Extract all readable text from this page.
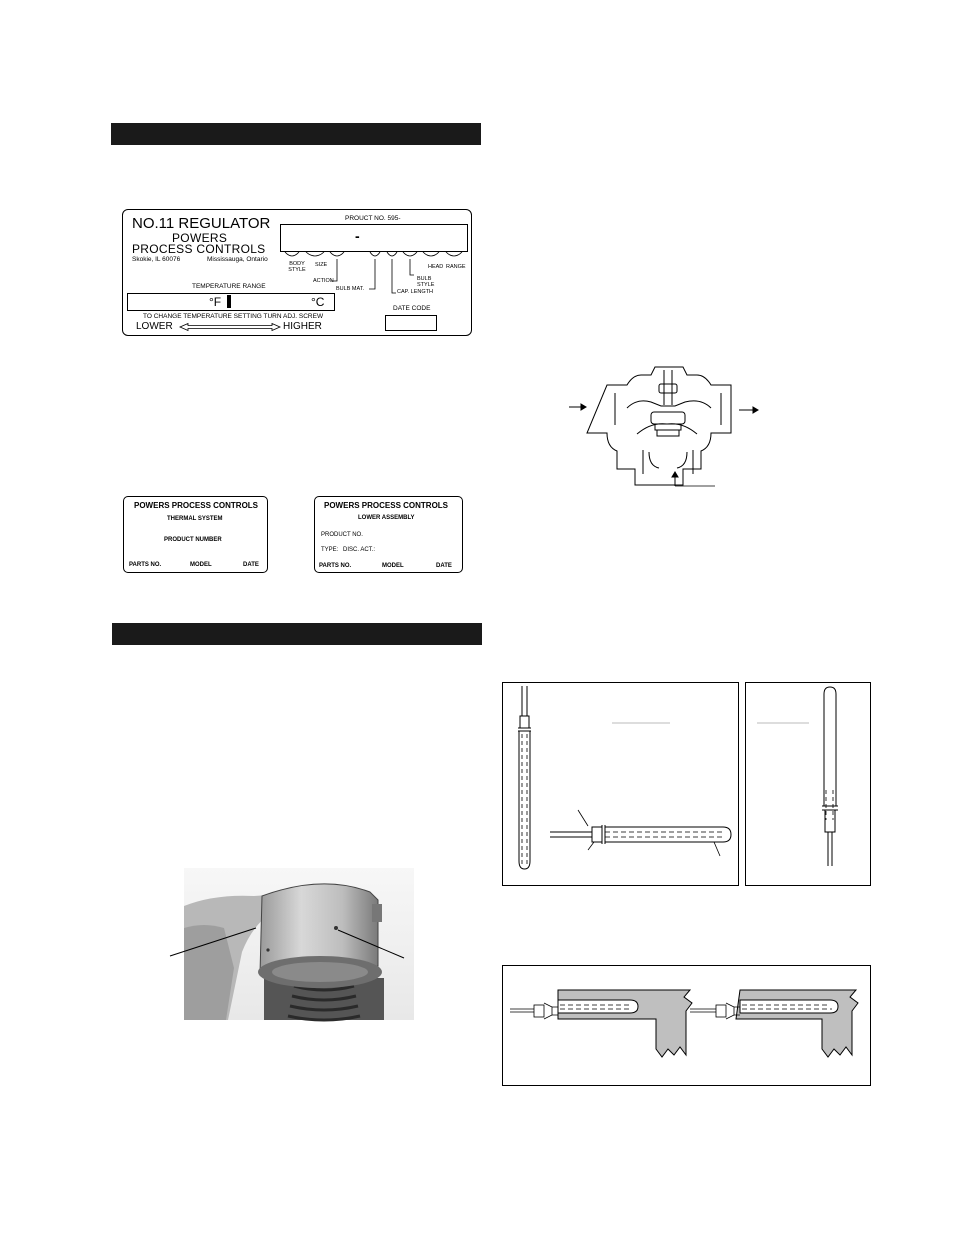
NO.11 REGULATOR
POWERS
PROCESS CONTROLS
Skokie, IL 60076	Mississauga, Ontario
PROUCT NO. 595-
-
BODY STYLE
SIZE
ACTION
BULB MAT.	CAP. LENGTH
BULB STYLE
HEAD RANGE
TEMPERATURE RANGE
°F	°C	DATE CODE
TO CHANGE TEMPERATURE SETTING TURN ADJ. SCREW
LOWER	HIGHER
POWERS PROCESS CONTROLS
THERMAL SYSTEM
PRODUCT NUMBER
PARTS NO.	MODEL	DATE
POWERS PROCESS CONTROLS
LOWER ASSEMBLY
PRODUCT NO.
TYPE: DISC. ACT.:
PARTS NO.	MODEL	DATE
